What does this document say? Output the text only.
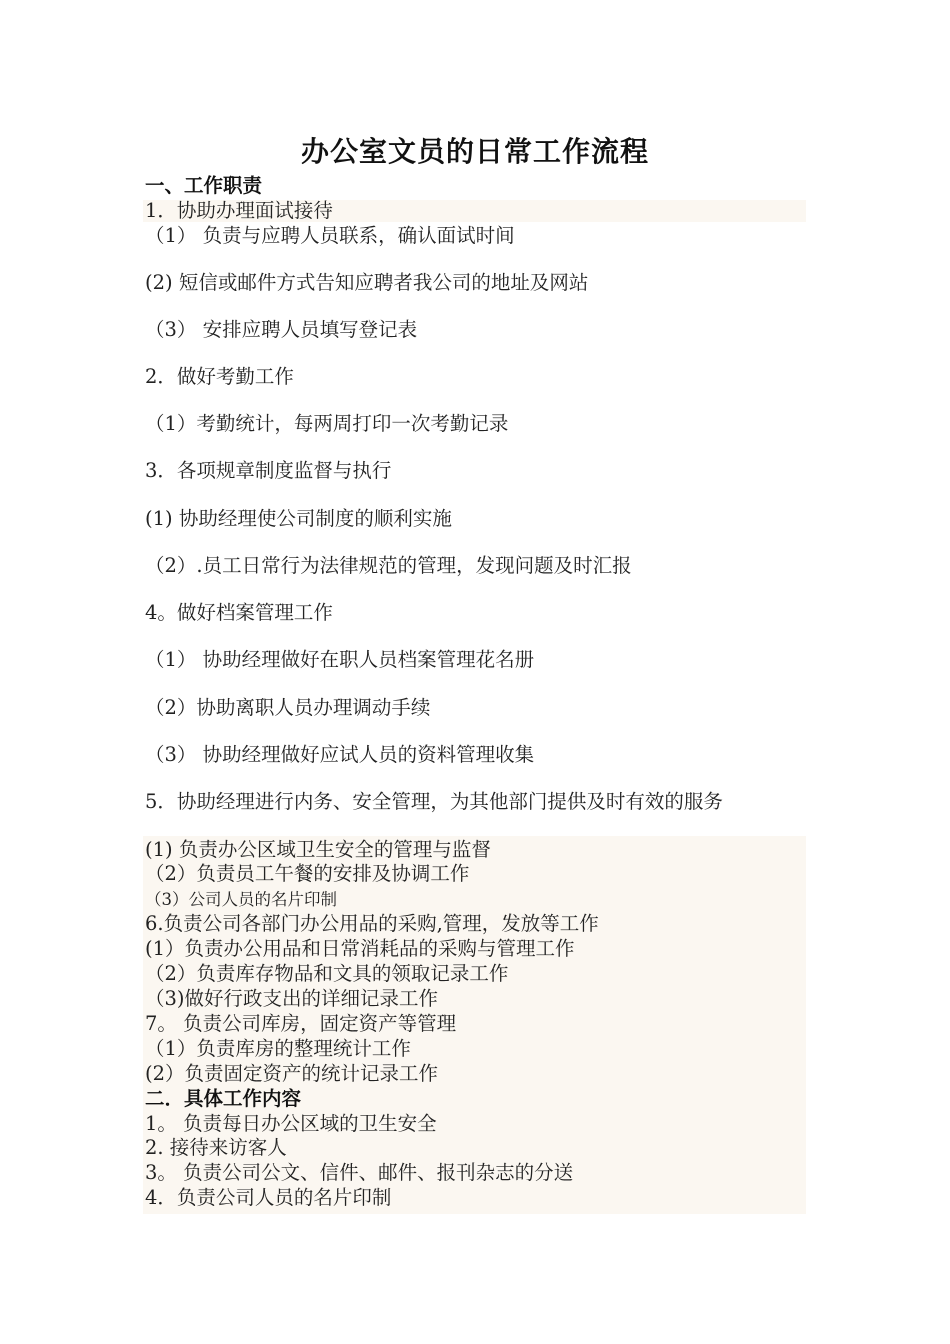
办公室文员的日常工作流程
一、工作职责
1．协助办理面试接待
（1） 负责与应聘人员联系，确认面试时间
(2) 短信或邮件方式告知应聘者我公司的地址及网站
（3） 安排应聘人员填写登记表
2．做好考勤工作
（1）考勤统计，每两周打印一次考勤记录
3．各项规章制度监督与执行
(1) 协助经理使公司制度的顺利实施
（2）.员工日常行为法律规范的管理，发现问题及时汇报
4。做好档案管理工作
（1） 协助经理做好在职人员档案管理花名册
（2）协助离职人员办理调动手续
（3） 协助经理做好应试人员的资料管理收集
5．协助经理进行内务、安全管理，为其他部门提供及时有效的服务
(1) 负责办公区域卫生安全的管理与监督
（2）负责员工午餐的安排及协调工作
（3）公司人员的名片印制
6.负责公司各部门办公用品的采购,管理，发放等工作
(1）负责办公用品和日常消耗品的采购与管理工作
（2）负责库存物品和文具的领取记录工作
（3)做好行政支出的详细记录工作
7。 负责公司库房，固定资产等管理
（1）负责库房的整理统计工作
(2）负责固定资产的统计记录工作
二．具体工作内容
1。 负责每日办公区域的卫生安全
2. 接待来访客人
3。 负责公司公文、信件、邮件、报刊杂志的分送
4．负责公司人员的名片印制
